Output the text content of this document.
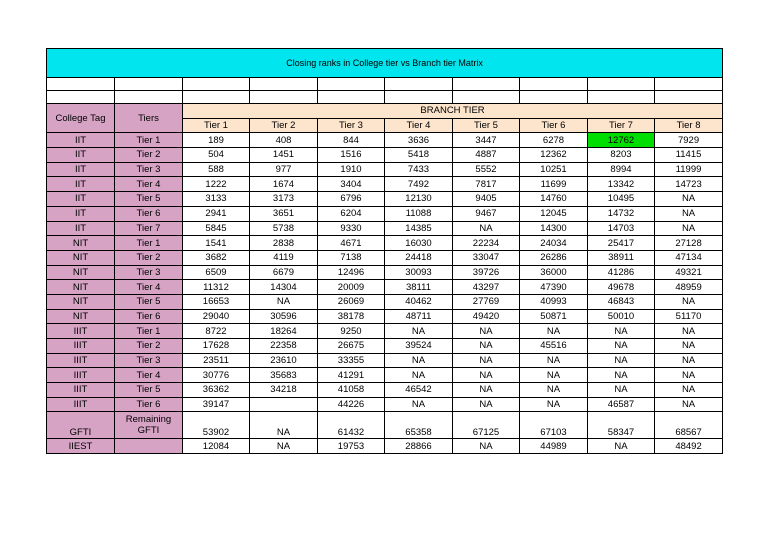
Closing ranks in College tier vs Branch tier Matrix									

College Tag	Tiers	BRANCH TIER							
		Tier 1	Tier 2	Tier 3	Tier 4	Tier 5	Tier 6	Tier 7	Tier 8
IIT	Tier 1	189	408	844	3636	3447	6278	12762	7929
IIT	Tier 2	504	1451	1516	5418	4887	12362	8203	11415
IIT	Tier 3	588	977	1910	7433	5552	10251	8994	11999
IIT	Tier 4	1222	1674	3404	7492	7817	11699	13342	14723
IIT	Tier 5	3133	3173	6796	12130	9405	14760	10495	NA
IIT	Tier 6	2941	3651	6204	11088	9467	12045	14732	NA
IIT	Tier 7	5845	5738	9330	14385	NA	14300	14703	NA
NIT	Tier 1	1541	2838	4671	16030	22234	24034	25417	27128
NIT	Tier 2	3682	4119	7138	24418	33047	26286	38911	47134
NIT	Tier 3	6509	6679	12496	30093	39726	36000	41286	49321
NIT	Tier 4	11312	14304	20009	38111	43297	47390	49678	48959
NIT	Tier 5	16653	NA	26069	40462	27769	40993	46843	NA
NIT	Tier 6	29040	30596	38178	48711	49420	50871	50010	51170
IIIT	Tier 1	8722	18264	9250	NA	NA	NA	NA	NA
IIIT	Tier 2	17628	22358	26675	39524	NA	45516	NA	NA
IIIT	Tier 3	23511	23610	33355	NA	NA	NA	NA	NA
IIIT	Tier 4	30776	35683	41291	NA	NA	NA	NA	NA
IIIT	Tier 5	36362	34218	41058	46542	NA	NA	NA	NA
IIIT	Tier 6	39147		44226	NA	NA	NA	46587	NA
GFTI	Remaining GFTI	53902	NA	61432	65358	67125	67103	58347	68567
IIEST		12084	NA	19753	28866	NA	44989	NA	48492
